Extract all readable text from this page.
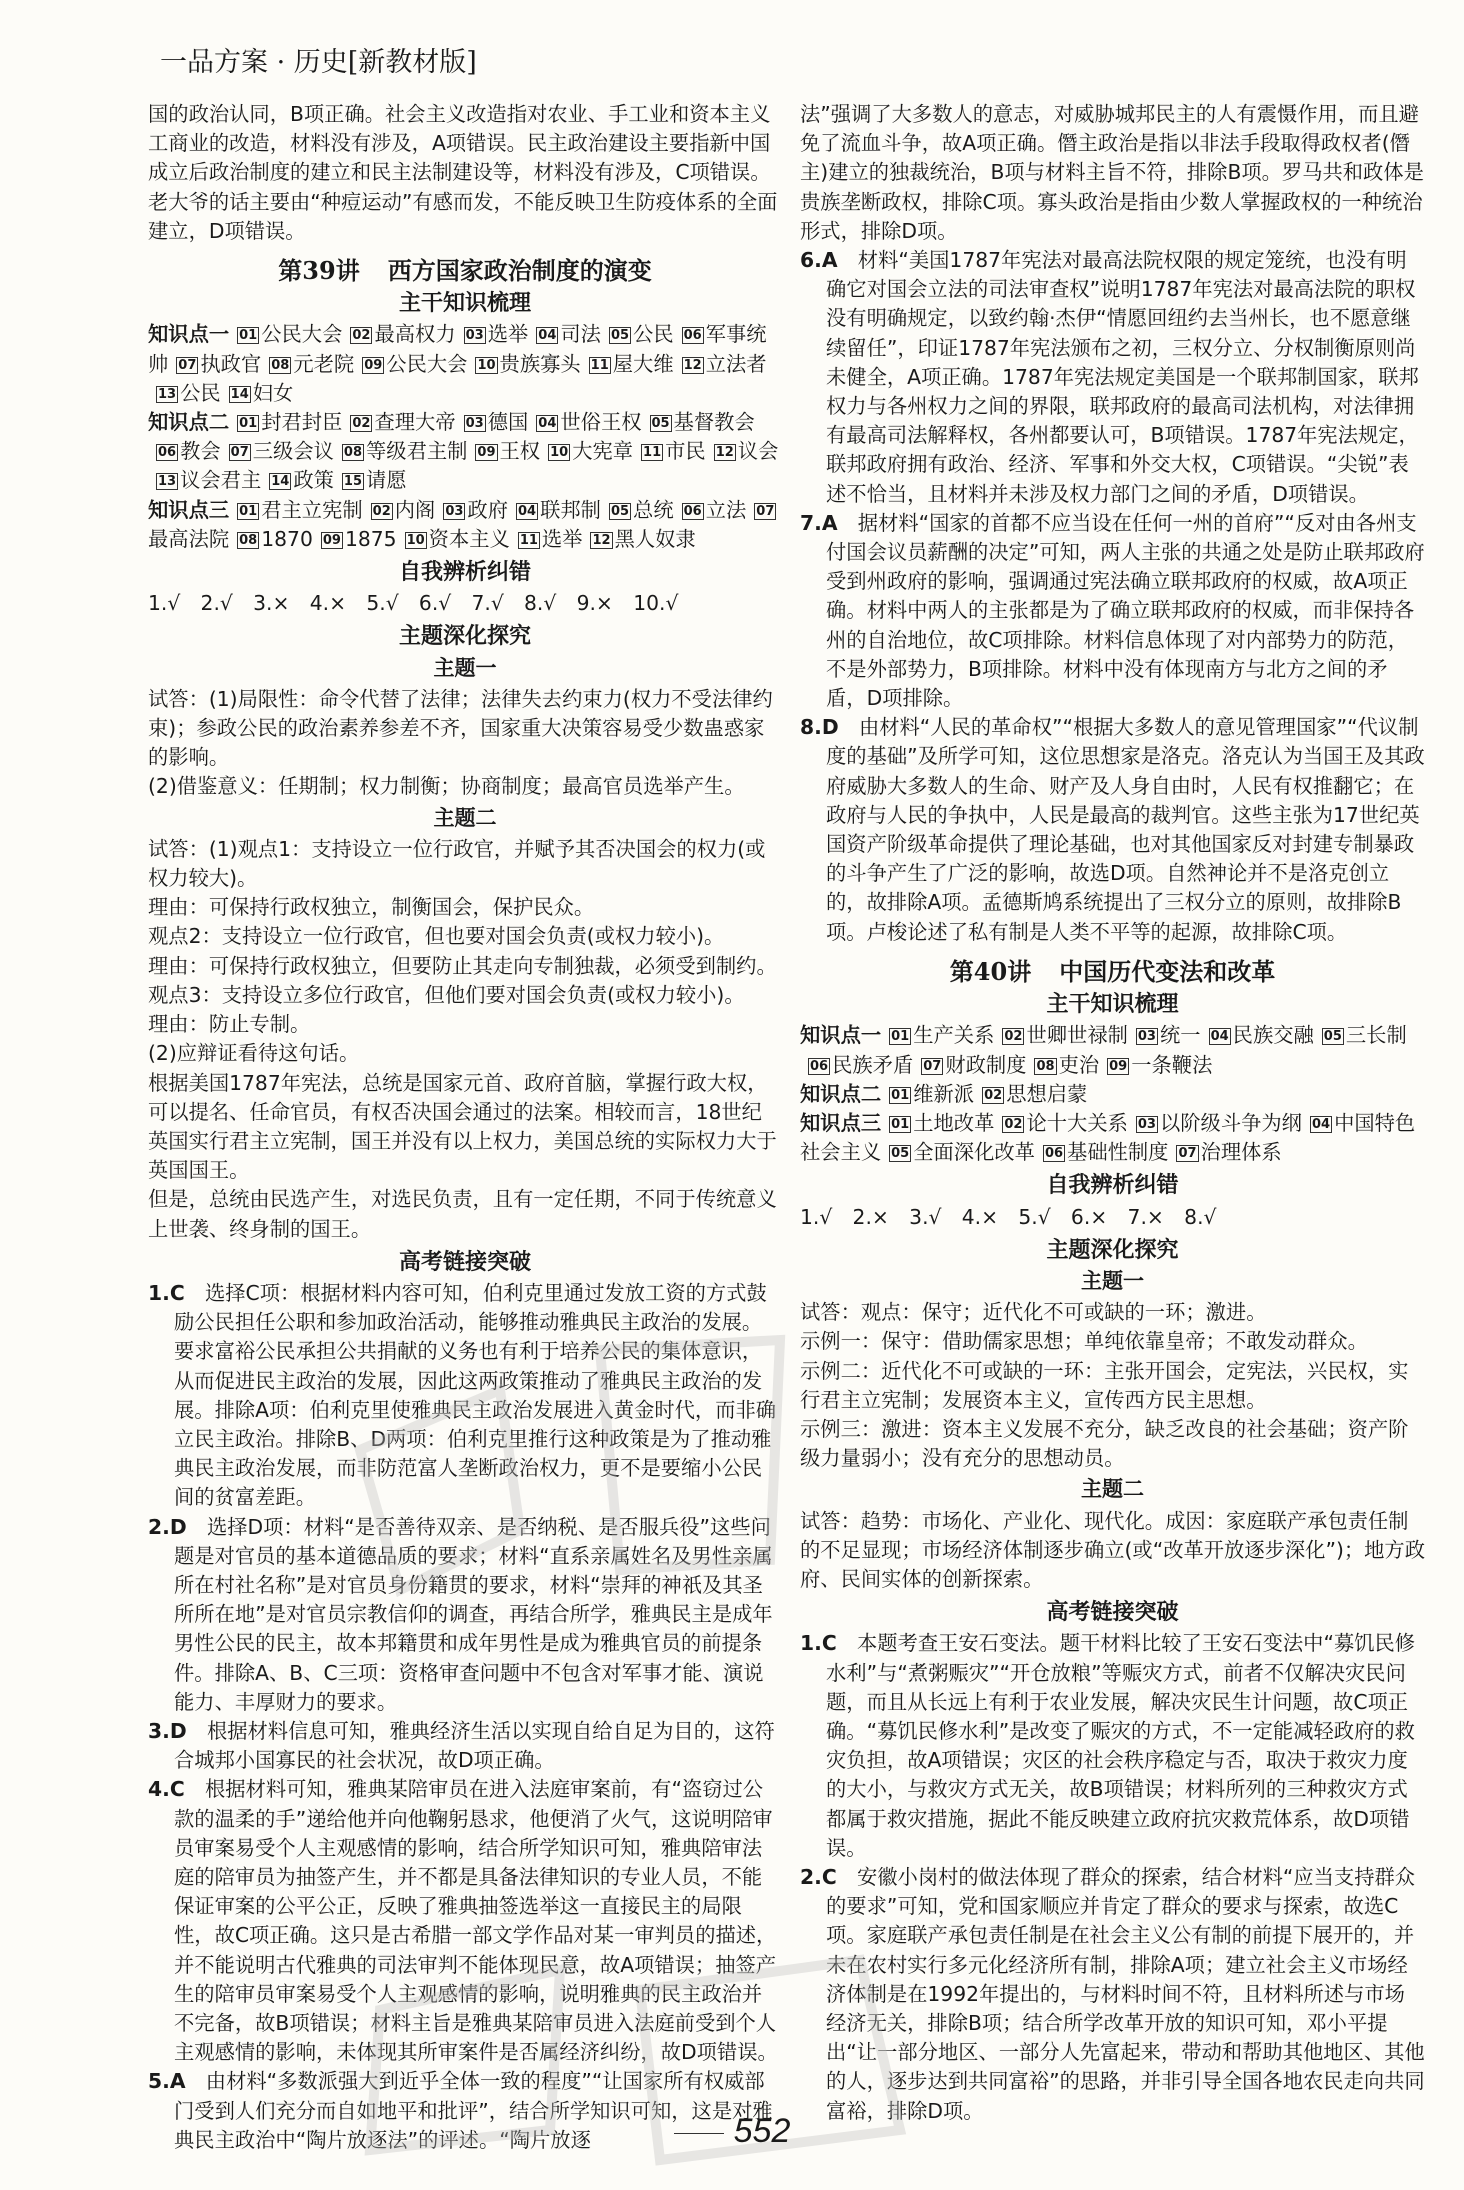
一品方案 · 历史[新教材版]

国的政治认同，B项正确。社会主义改造指对农业、手工业和资本主义工商业的改造，材料没有涉及，A项错误。民主政治建设主要指新中国成立后政治制度的建立和民主法制建设等，材料没有涉及，C项错误。老大爷的话主要由“种痘运动”有感而发，不能反映卫生防疫体系的全面建立，D项错误。

第39讲 西方国家政治制度的演变
主干知识梳理

知识点一 01 公民大会 02 最高权力 03 选举 04 司法 05 公民 06 军事统帅 07 执政官 08 元老院 09 公民大会 10 贵族寡头 11 屋大维 12 立法者13 公民 14 妇女

知识点二 01 封君封臣 02 查理大帝 03 德国 04 世俗王权 05 基督教会06 教会 07 三级会议 08 等级君主制 09 王权 10 大宪章 11 市民 12 议会13 议会君主 14 政策 15 请愿

知识点三 01 君主立宪制 02 内阁 03 政府 04 联邦制 05 总统 06 立法 07最高法院 08 1870 09 1875 10 资本主义 11 选举 12 黑人奴隶

自我辨析纠错

1.√　2.√　3.×　4.×　5.√　6.√　7.√　8.√　9.×　10.√

主题深化探究
主题一

试答：(1)局限性：命令代替了法律；法律失去约束力(权力不受法律约束)；参政公民的政治素养参差不齐，国家重大决策容易受少数蛊惑家的影响。

(2)借鉴意义：任期制；权力制衡；协商制度；最高官员选举产生。

主题二

试答：(1)观点1：支持设立一位行政官，并赋予其否决国会的权力(或权力较大)。

理由：可保持行政权独立，制衡国会，保护民众。

观点2：支持设立一位行政官，但也要对国会负责(或权力较小)。

理由：可保持行政权独立，但要防止其走向专制独裁，必须受到制约。

观点3：支持设立多位行政官，但他们要对国会负责(或权力较小)。

理由：防止专制。

(2)应辩证看待这句话。

根据美国1787年宪法，总统是国家元首、政府首脑，掌握行政大权，可以提名、任命官员，有权否决国会通过的法案。相较而言，18世纪英国实行君主立宪制，国王并没有以上权力，美国总统的实际权力大于英国国王。

但是，总统由民选产生，对选民负责，且有一定任期，不同于传统意义上世袭、终身制的国王。

高考链接突破

1.C　选择C项：根据材料内容可知，伯利克里通过发放工资的方式鼓励公民担任公职和参加政治活动，能够推动雅典民主政治的发展。要求富裕公民承担公共捐献的义务也有利于培养公民的集体意识，从而促进民主政治的发展，因此这两政策推动了雅典民主政治的发展。排除A项：伯利克里使雅典民主政治发展进入黄金时代，而非确立民主政治。排除B、D两项：伯利克里推行这种政策是为了推动雅典民主政治发展，而非防范富人垄断政治权力，更不是要缩小公民间的贫富差距。

2.D　选择D项：材料“是否善待双亲、是否纳税、是否服兵役”这些问题是对官员的基本道德品质的要求；材料“直系亲属姓名及男性亲属所在村社名称”是对官员身份籍贯的要求，材料“崇拜的神祇及其圣所所在地”是对官员宗教信仰的调查，再结合所学，雅典民主是成年男性公民的民主，故本邦籍贯和成年男性是成为雅典官员的前提条件。排除A、B、C三项：资格审查问题中不包含对军事才能、演说能力、丰厚财力的要求。

3.D　根据材料信息可知，雅典经济生活以实现自给自足为目的，这符合城邦小国寡民的社会状况，故D项正确。

4.C　根据材料可知，雅典某陪审员在进入法庭审案前，有“盗窃过公款的温柔的手”递给他并向他鞠躬恳求，他便消了火气，这说明陪审员审案易受个人主观感情的影响，结合所学知识可知，雅典陪审法庭的陪审员为抽签产生，并不都是具备法律知识的专业人员，不能保证审案的公平公正，反映了雅典抽签选举这一直接民主的局限性，故C项正确。这只是古希腊一部文学作品对某一审判员的描述，并不能说明古代雅典的司法审判不能体现民意，故A项错误；抽签产生的陪审员审案易受个人主观感情的影响，说明雅典的民主政治并不完备，故B项错误；材料主旨是雅典某陪审员进入法庭前受到个人主观感情的影响，未体现其所审案件是否属经济纠纷，故D项错误。

5.A　由材料“多数派强大到近乎全体一致的程度”“让国家所有权威部门受到人们充分而自如地平和批评”，结合所学知识可知，这是对雅典民主政治中“陶片放逐法”的评述。“陶片放逐

法”强调了大多数人的意志，对威胁城邦民主的人有震慑作用，而且避免了流血斗争，故A项正确。僭主政治是指以非法手段取得政权者(僭主)建立的独裁统治，B项与材料主旨不符，排除B项。罗马共和政体是贵族垄断政权，排除C项。寡头政治是指由少数人掌握政权的一种统治形式，排除D项。

6.A　材料“美国1787年宪法对最高法院权限的规定笼统，也没有明确它对国会立法的司法审查权”说明1787年宪法对最高法院的职权没有明确规定，以致约翰·杰伊“情愿回纽约去当州长，也不愿意继续留任”，印证1787年宪法颁布之初，三权分立、分权制衡原则尚未健全，A项正确。1787年宪法规定美国是一个联邦制国家，联邦权力与各州权力之间的界限，联邦政府的最高司法机构，对法律拥有最高司法解释权，各州都要认可，B项错误。1787年宪法规定，联邦政府拥有政治、经济、军事和外交大权，C项错误。“尖锐”表述不恰当，且材料并未涉及权力部门之间的矛盾，D项错误。

7.A　据材料“国家的首都不应当设在任何一州的首府”“反对由各州支付国会议员薪酬的决定”可知，两人主张的共通之处是防止联邦政府受到州政府的影响，强调通过宪法确立联邦政府的权威，故A项正确。材料中两人的主张都是为了确立联邦政府的权威，而非保持各州的自治地位，故C项排除。材料信息体现了对内部势力的防范，不是外部势力，B项排除。材料中没有体现南方与北方之间的矛盾，D项排除。

8.D　由材料“人民的革命权”“根据大多数人的意见管理国家”“代议制度的基础”及所学可知，这位思想家是洛克。洛克认为当国王及其政府威胁大多数人的生命、财产及人身自由时，人民有权推翻它；在政府与人民的争执中，人民是最高的裁判官。这些主张为17世纪英国资产阶级革命提供了理论基础，也对其他国家反对封建专制暴政的斗争产生了广泛的影响，故选D项。自然神论并不是洛克创立的，故排除A项。孟德斯鸠系统提出了三权分立的原则，故排除B项。卢梭论述了私有制是人类不平等的起源，故排除C项。

第40讲 中国历代变法和改革
主干知识梳理

知识点一 01 生产关系 02 世卿世禄制 03 统一 04 民族交融 05 三长制06 民族矛盾 07 财政制度 08 吏治 09 一条鞭法

知识点二 01 维新派 02 思想启蒙

知识点三 01 土地改革 02 论十大关系 03 以阶级斗争为纲 04 中国特色社会主义 05 全面深化改革 06 基础性制度 07 治理体系

自我辨析纠错

1.√　2.×　3.√　4.×　5.√　6.×　7.×　8.√

主题深化探究
主题一

试答：观点：保守；近代化不可或缺的一环；激进。

示例一：保守：借助儒家思想；单纯依靠皇帝；不敢发动群众。

示例二：近代化不可或缺的一环：主张开国会，定宪法，兴民权，实行君主立宪制；发展资本主义，宣传西方民主思想。

示例三：激进：资本主义发展不充分，缺乏改良的社会基础；资产阶级力量弱小；没有充分的思想动员。

主题二

试答：趋势：市场化、产业化、现代化。成因：家庭联产承包责任制的不足显现；市场经济体制逐步确立(或“改革开放逐步深化”)；地方政府、民间实体的创新探索。

高考链接突破

1.C　本题考查王安石变法。题干材料比较了王安石变法中“募饥民修水利”与“煮粥赈灾”“开仓放粮”等赈灾方式，前者不仅解决灾民问题，而且从长远上有利于农业发展，解决灾民生计问题，故C项正确。“募饥民修水利”是改变了赈灾的方式，不一定能减轻政府的救灾负担，故A项错误；灾区的社会秩序稳定与否，取决于救灾力度的大小，与救灾方式无关，故B项错误；材料所列的三种救灾方式都属于救灾措施，据此不能反映建立政府抗灾救荒体系，故D项错误。

2.C　安徽小岗村的做法体现了群众的探索，结合材料“应当支持群众的要求”可知，党和国家顺应并肯定了群众的要求与探索，故选C项。家庭联产承包责任制是在社会主义公有制的前提下展开的，并未在农村实行多元化经济所有制，排除A项；建立社会主义市场经济体制是在1992年提出的，与材料时间不符，且材料所述与市场经济无关，排除B项；结合所学改革开放的知识可知，邓小平提出“让一部分地区、一部分人先富起来，带动和帮助其他地区、其他的人，逐步达到共同富裕”的思路，并非引导全国各地农民走向共同富裕，排除D项。

552
